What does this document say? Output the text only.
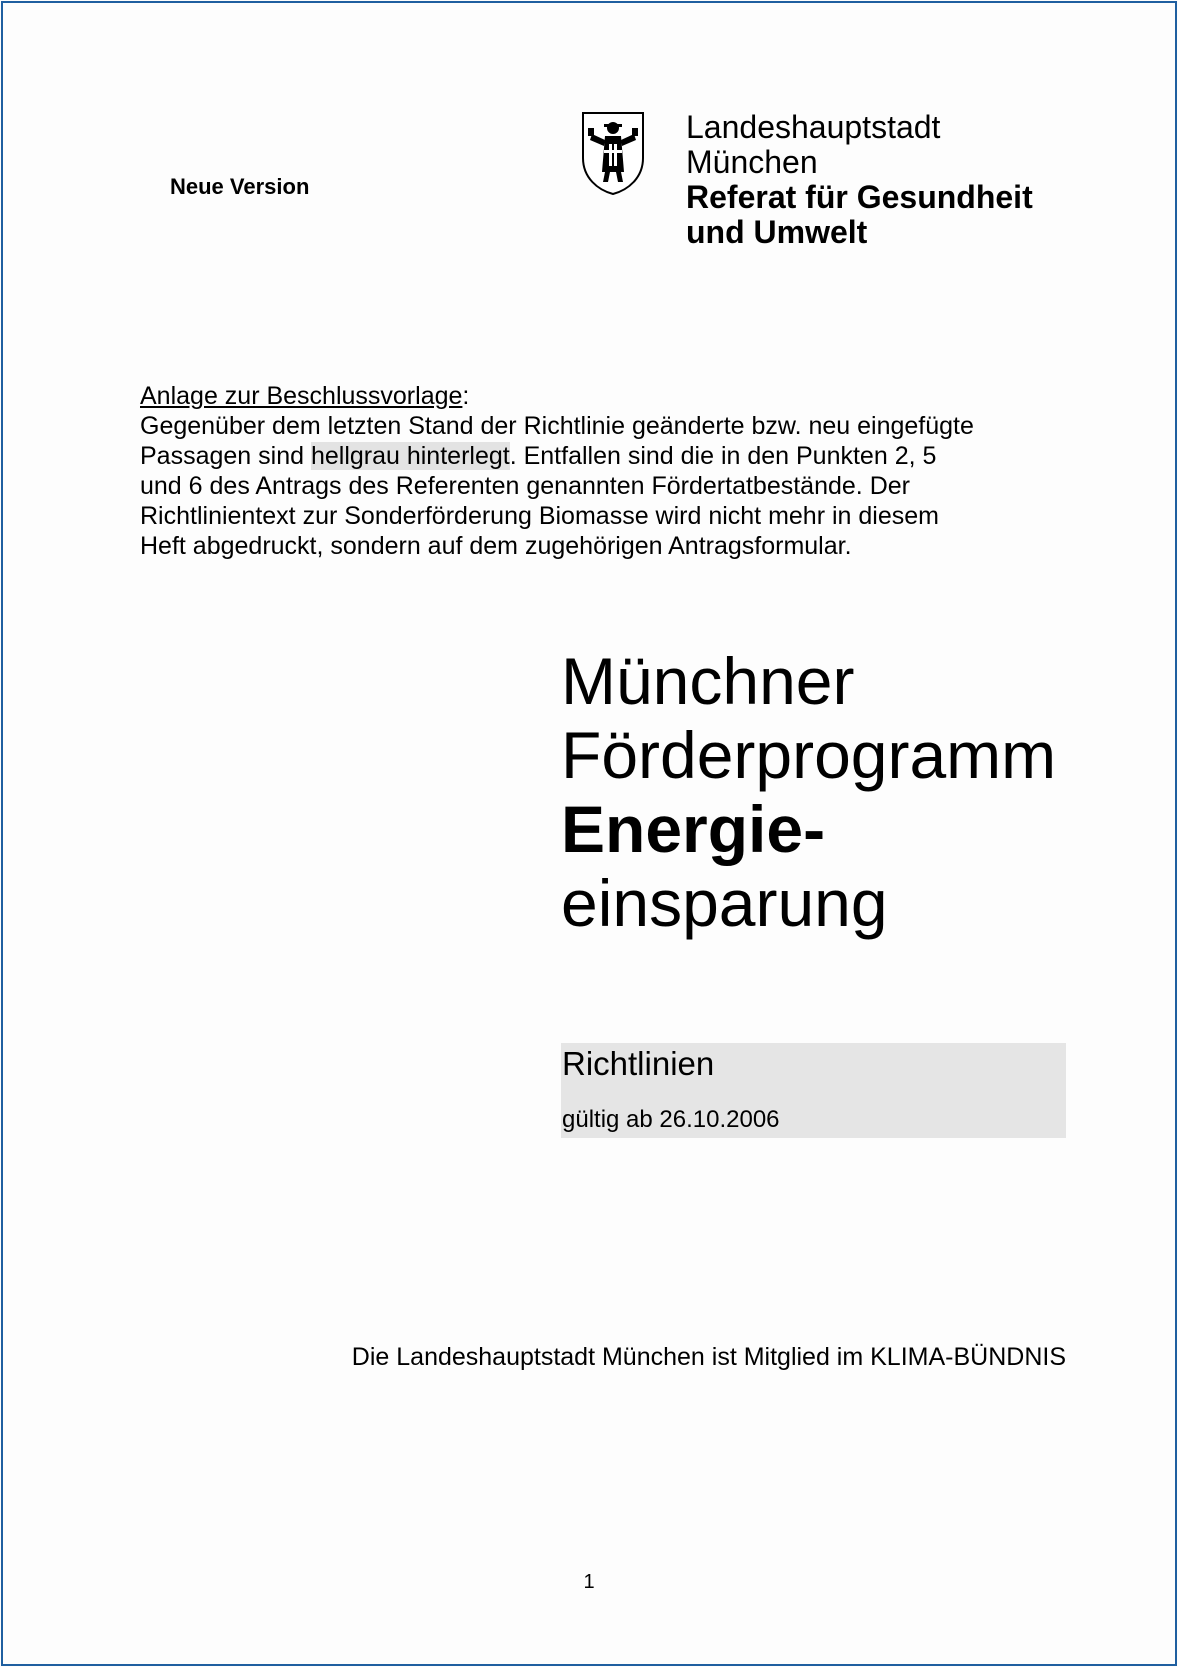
Neue Version
Landeshauptstadt
München
Referat für Gesundheit
und Umwelt
Anlage zur Beschlussvorlage:
Gegenüber dem letzten Stand der Richtlinie geänderte bzw. neu eingefügte
Passagen sind hellgrau hinterlegt. Entfallen sind die in den Punkten 2, 5
und 6 des Antrags des Referenten genannten Fördertatbestände. Der
Richtlinientext zur Sonderförderung Biomasse wird nicht mehr in diesem
Heft abgedruckt, sondern auf dem zugehörigen Antragsformular.
Münchner
Förderprogramm
Energie-
einsparung
Richtlinien
gültig ab 26.10.2006
Die Landeshauptstadt München ist Mitglied im KLIMA-BÜNDNIS
1
